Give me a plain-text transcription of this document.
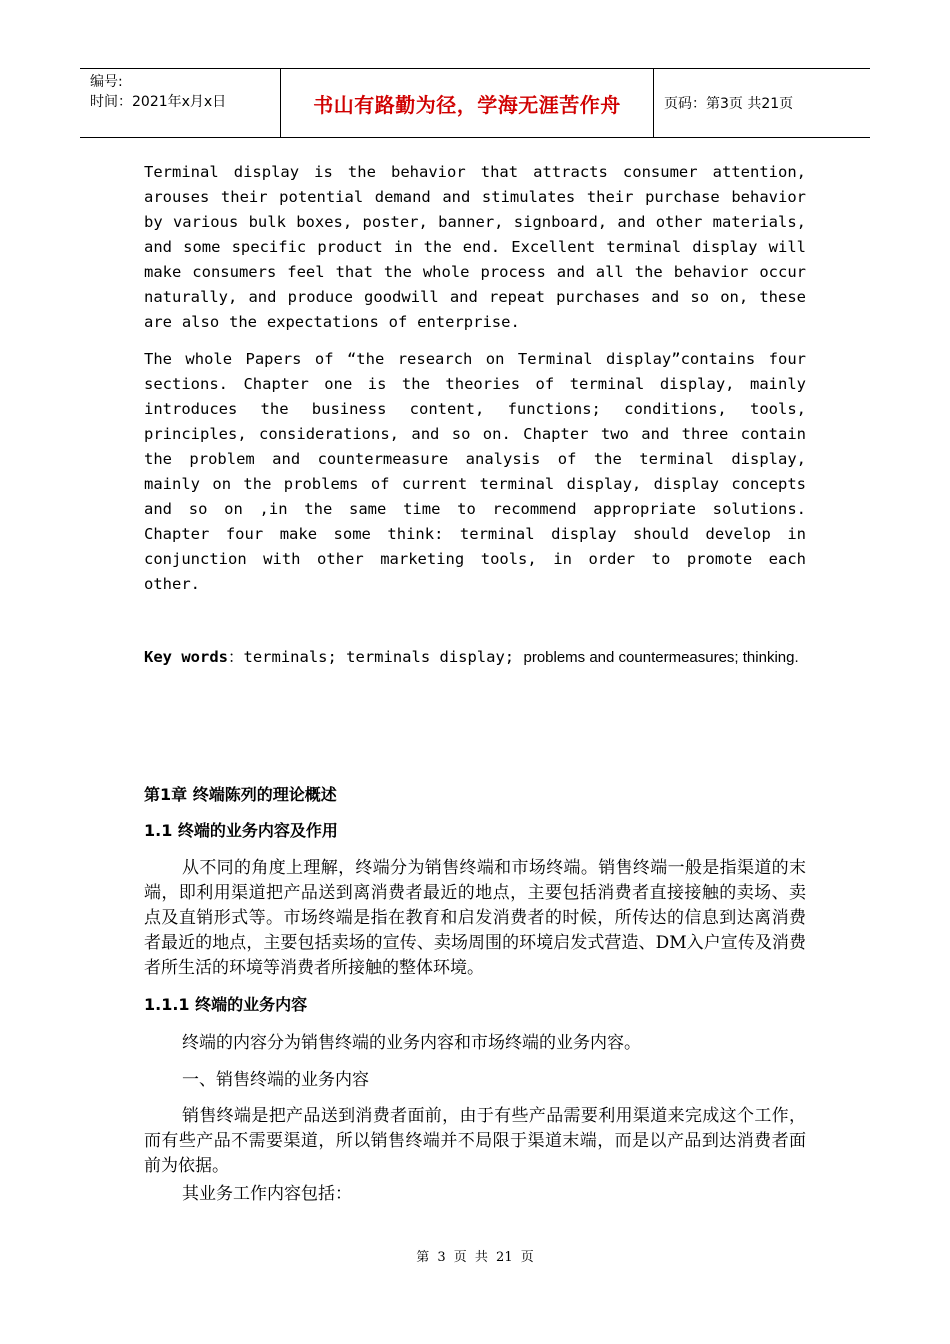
编号:
时间：2021年x月x日	书山有路勤为径，学海无涯苦作舟	页码：第3页 共21页

Terminal display is the behavior that attracts consumer attention, arouses their potential demand and stimulates their purchase behavior by various bulk boxes, poster, banner, signboard, and other materials, and some specific product in the end. Excellent terminal display will make consumers feel that the whole process and all the behavior occur naturally, and produce goodwill and repeat purchases and so on, these are also the expectations of enterprise.

The whole Papers of “the research on Terminal display”contains four sections. Chapter one is the theories of terminal display, mainly introduces the business content, functions; conditions, tools, principles, considerations, and so on. Chapter two and three contain the problem and countermeasure analysis of the terminal display, mainly on the problems of current terminal display, display concepts and so on ,in the same time to recommend appropriate solutions. Chapter four make some think: terminal display should develop in conjunction with other marketing tools, in order to promote each other.

Key words：terminals; terminals display; problems and countermeasures; thinking.

第1章 终端陈列的理论概述
1.1 终端的业务内容及作用

从不同的角度上理解，终端分为销售终端和市场终端。销售终端一般是指渠道的末端，即利用渠道把产品送到离消费者最近的地点，主要包括消费者直接接触的卖场、卖点及直销形式等。市场终端是指在教育和启发消费者的时候，所传达的信息到达离消费者最近的地点，主要包括卖场的宣传、卖场周围的环境启发式营造、DM入户宣传及消费者所生活的环境等消费者所接触的整体环境。

1.1.1 终端的业务内容

终端的内容分为销售终端的业务内容和市场终端的业务内容。

一、销售终端的业务内容

销售终端是把产品送到消费者面前，由于有些产品需要利用渠道来完成这个工作，而有些产品不需要渠道，所以销售终端并不局限于渠道末端，而是以产品到达消费者面前为依据。

其业务工作内容包括：

第 3 页 共 21 页
